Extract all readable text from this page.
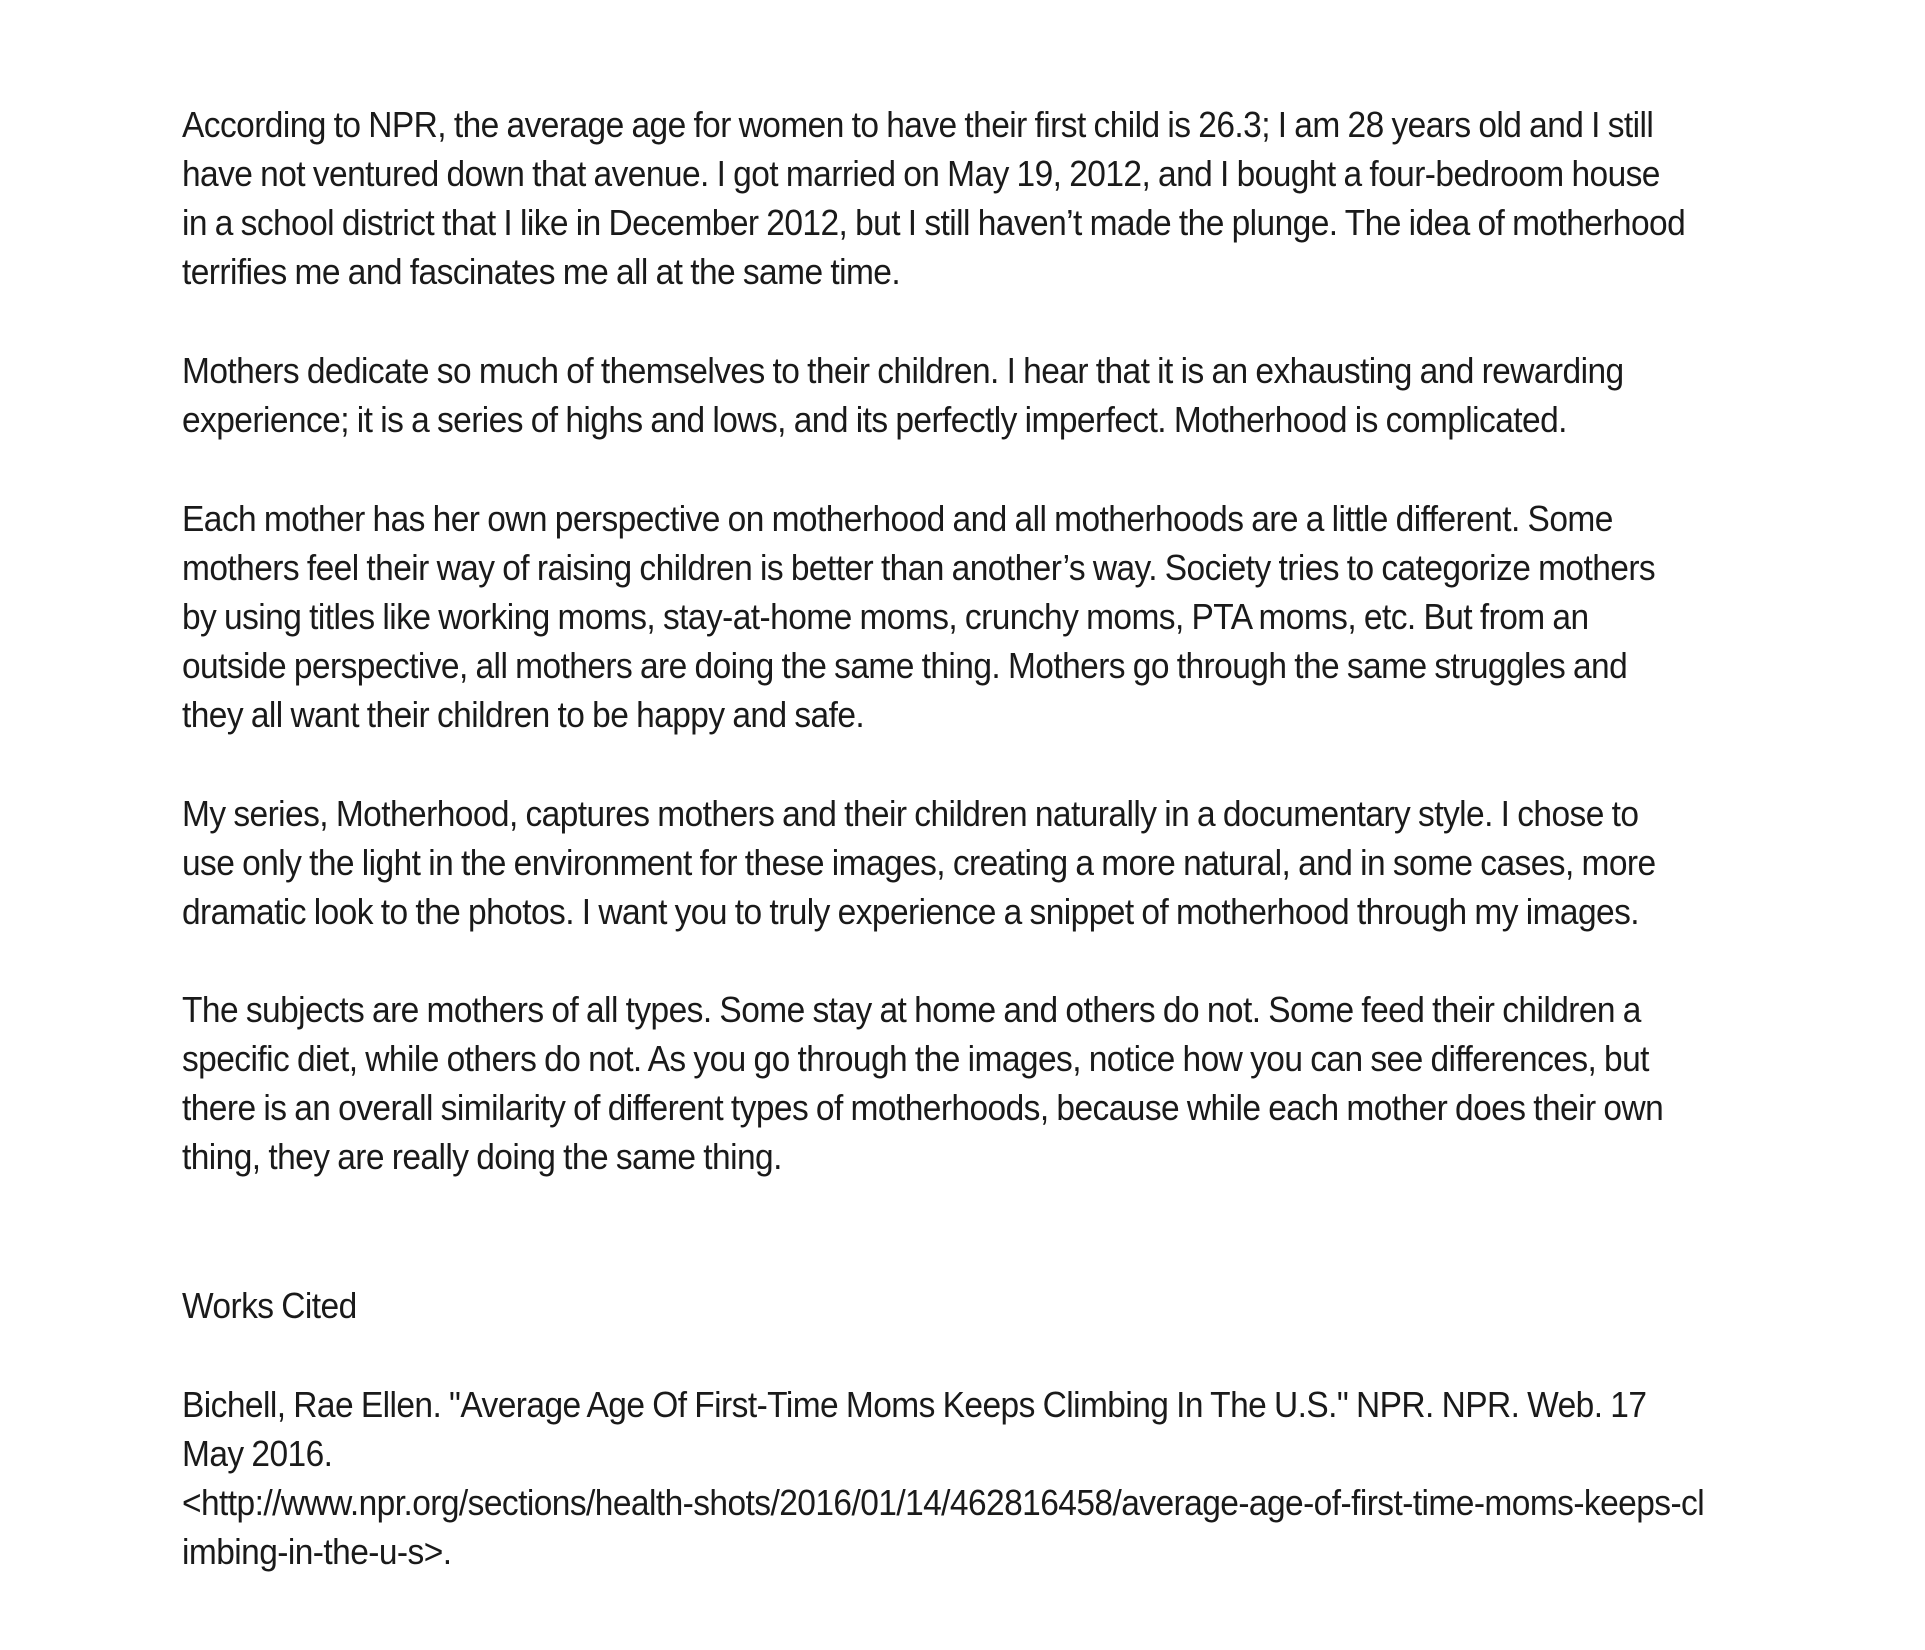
According to NPR, the average age for women to have their first child is 26.3; I am 28 years old and I still
have not ventured down that avenue. I got married on May 19, 2012, and I bought a four-bedroom house
in a school district that I like in December 2012, but I still haven’t made the plunge. The idea of motherhood
terrifies me and fascinates me all at the same time.
Mothers dedicate so much of themselves to their children. I hear that it is an exhausting and rewarding
experience; it is a series of highs and lows, and its perfectly imperfect. Motherhood is complicated.
Each mother has her own perspective on motherhood and all motherhoods are a little different. Some
mothers feel their way of raising children is better than another’s way. Society tries to categorize mothers
by using titles like working moms, stay-at-home moms, crunchy moms, PTA moms, etc. But from an
outside perspective, all mothers are doing the same thing. Mothers go through the same struggles and
they all want their children to be happy and safe.
My series, Motherhood, captures mothers and their children naturally in a documentary style. I chose to
use only the light in the environment for these images, creating a more natural, and in some cases, more
dramatic look to the photos. I want you to truly experience a snippet of motherhood through my images.
The subjects are mothers of all types. Some stay at home and others do not. Some feed their children a
specific diet, while others do not. As you go through the images, notice how you can see differences, but
there is an overall similarity of different types of motherhoods, because while each mother does their own
thing, they are really doing the same thing.
Works Cited
Bichell, Rae Ellen. "Average Age Of First-Time Moms Keeps Climbing In The U.S." NPR. NPR. Web. 17
May 2016.
<http://www.npr.org/sections/health-shots/2016/01/14/462816458/average-age-of-first-time-moms-keeps-cl
imbing-in-the-u-s>.
